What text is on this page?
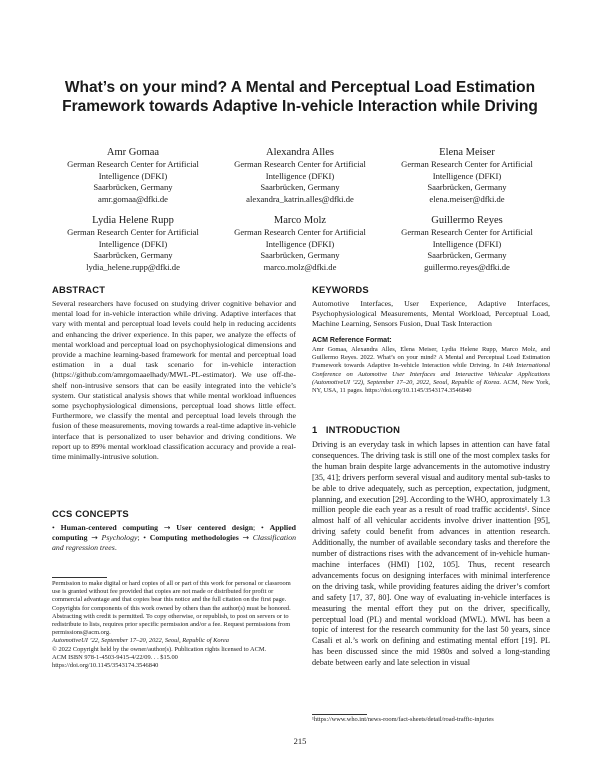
What’s on your mind? A Mental and Perceptual Load Estimation Framework towards Adaptive In-vehicle Interaction while Driving
Amr Gomaa
German Research Center for Artificial
Intelligence (DFKI)
Saarbrücken, Germany
amr.gomaa@dfki.de
Alexandra Alles
German Research Center for Artificial
Intelligence (DFKI)
Saarbrücken, Germany
alexandra_katrin.alles@dfki.de
Elena Meiser
German Research Center for Artificial
Intelligence (DFKI)
Saarbrücken, Germany
elena.meiser@dfki.de
Lydia Helene Rupp
German Research Center for Artificial
Intelligence (DFKI)
Saarbrücken, Germany
lydia_helene.rupp@dfki.de
Marco Molz
German Research Center for Artificial
Intelligence (DFKI)
Saarbrücken, Germany
marco.molz@dfki.de
Guillermo Reyes
German Research Center for Artificial
Intelligence (DFKI)
Saarbrücken, Germany
guillermo.reyes@dfki.de
ABSTRACT

Several researchers have focused on studying driver cognitive behavior and mental load for in-vehicle interaction while driving. Adaptive interfaces that vary with mental and perceptual load levels could help in reducing accidents and enhancing the driver experience. In this paper, we analyze the effects of mental workload and perceptual load on psychophysiological dimensions and provide a machine learning-based framework for mental and perceptual load estimation in a dual task scenario for in-vehicle interaction (https://github.com/amrgomaaelhady/MWL-PL-estimator). We use off-the-shelf non-intrusive sensors that can be easily integrated into the vehicle’s system. Our statistical analysis shows that while mental workload influences some psychophysiological dimensions, perceptual load shows little effect. Furthermore, we classify the mental and perceptual load levels through the fusion of these measurements, moving towards a real-time adaptive in-vehicle interface that is personalized to user behavior and driving conditions. We report up to 89% mental workload classification accuracy and provide a real-time minimally-intrusive solution.

CCS CONCEPTS

• Human-centered computing → User centered design; • Applied computing → Psychology; • Computing methodologies → Classification and regression trees.

Permission to make digital or hard copies of all or part of this work for personal or classroom use is granted without fee provided that copies are not made or distributed for profit or commercial advantage and that copies bear this notice and the full citation on the first page. Copyrights for components of this work owned by others than the author(s) must be honored. Abstracting with credit is permitted. To copy otherwise, or republish, to post on servers or to redistribute to lists, requires prior specific permission and/or a fee. Request permissions from permissions@acm.org.

AutomotiveUI ’22, September 17–20, 2022, Seoul, Republic of Korea

© 2022 Copyright held by the owner/author(s). Publication rights licensed to ACM.

ACM ISBN 978-1-4503-9415-4/22/09. . . $15.00

https://doi.org/10.1145/3543174.3546840

KEYWORDS

Automotive Interfaces, User Experience, Adaptive Interfaces, Psychophysiological Measurements, Mental Workload, Perceptual Load, Machine Learning, Sensors Fusion, Dual Task Interaction

ACM Reference Format:

Amr Gomaa, Alexandra Alles, Elena Meiser, Lydia Helene Rupp, Marco Molz, and Guillermo Reyes. 2022. What’s on your mind? A Mental and Perceptual Load Estimation Framework towards Adaptive In-vehicle Interaction while Driving. In 14th International Conference on Automotive User Interfaces and Interactive Vehicular Applications (AutomotiveUI ’22), September 17–20, 2022, Seoul, Republic of Korea. ACM, New York, NY, USA, 11 pages. https://doi.org/10.1145/3543174.3546840

1   INTRODUCTION

Driving is an everyday task in which lapses in attention can have fatal consequences. The driving task is still one of the most complex tasks for the human brain despite large advancements in the automotive industry [35, 41]; drivers perform several visual and auditory mental sub-tasks to be able to drive adequately, such as perception, expectation, judgment, planning, and execution [29]. According to the WHO, approximately 1.3 million people die each year as a result of road traffic accidents¹. Since almost half of all vehicular accidents involve driver inattention [95], driving safety could benefit from advances in attention research. Additionally, the number of available secondary tasks and therefore the number of distractions rises with the advancement of in-vehicle human-machine interfaces (HMI) [102, 105]. Thus, recent research advancements focus on designing interfaces with minimal interference on the driving task, while providing features aiding the driver’s comfort and safety [17, 37, 80]. One way of evaluating in-vehicle interfaces is measuring the mental effort they put on the driver, specifically, perceptual load (PL) and mental workload (MWL). MWL has been a topic of interest for the research community for the last 50 years, since Casali et al.’s work on defining and estimating mental effort [19]. PL has been discussed since the mid 1980s and solved a long-standing debate between early and late selection in visual

¹https://www.who.int/news-room/fact-sheets/detail/road-traffic-injuries

215
